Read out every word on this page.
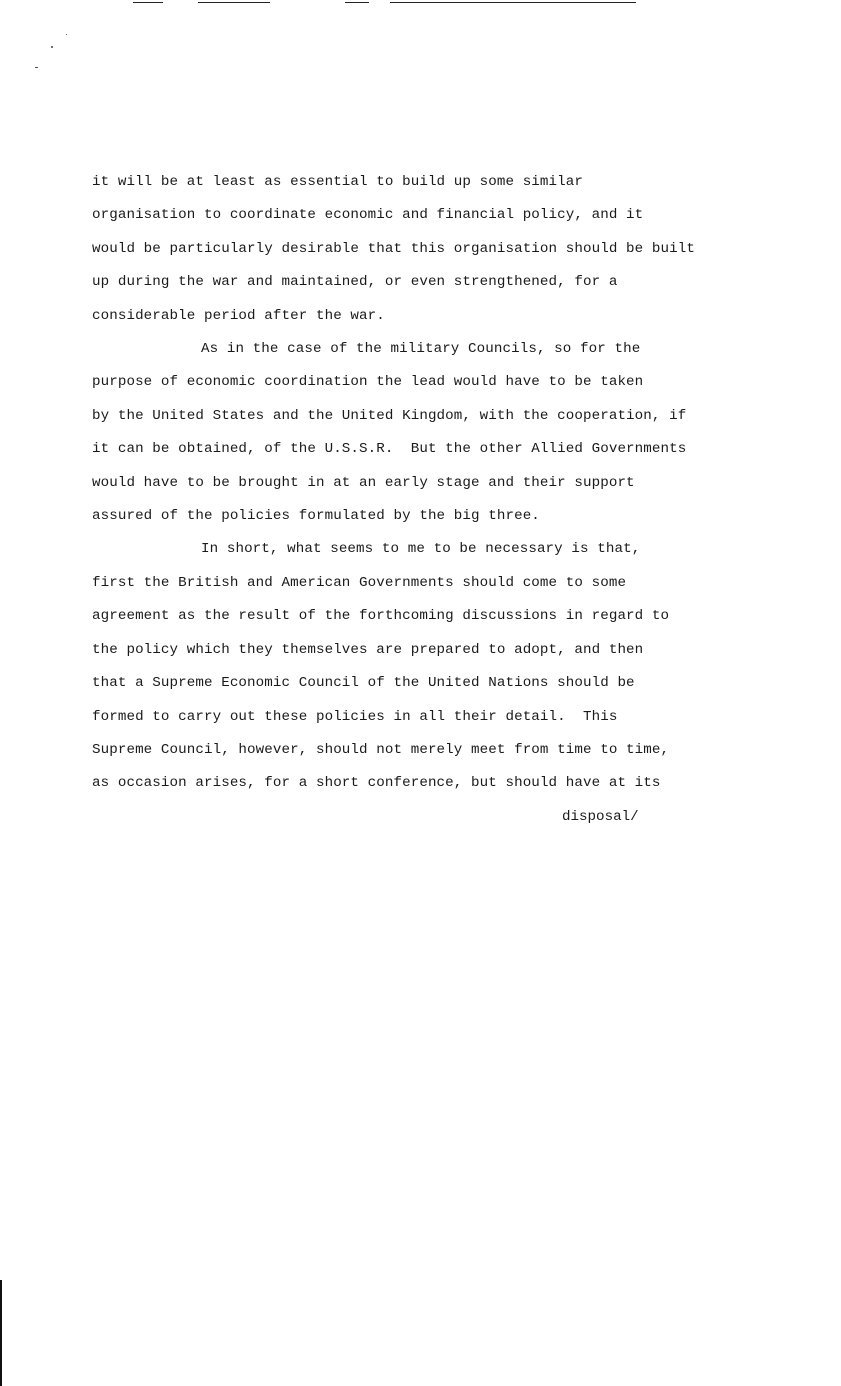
it will be at least as essential to build up some similar
organisation to coordinate economic and financial policy, and it
would be particularly desirable that this organisation should be built
up during the war and maintained, or even strengthened, for a
considerable period after the war.
As in the case of the military Councils, so for the
purpose of economic coordination the lead would have to be taken
by the United States and the United Kingdom, with the cooperation, if
it can be obtained, of the U.S.S.R.  But the other Allied Governments
would have to be brought in at an early stage and their support
assured of the policies formulated by the big three.
In short, what seems to me to be necessary is that,
first the British and American Governments should come to some
agreement as the result of the forthcoming discussions in regard to
the policy which they themselves are prepared to adopt, and then
that a Supreme Economic Council of the United Nations should be
formed to carry out these policies in all their detail.  This
Supreme Council, however, should not merely meet from time to time,
as occasion arises, for a short conference, but should have at its
disposal/
